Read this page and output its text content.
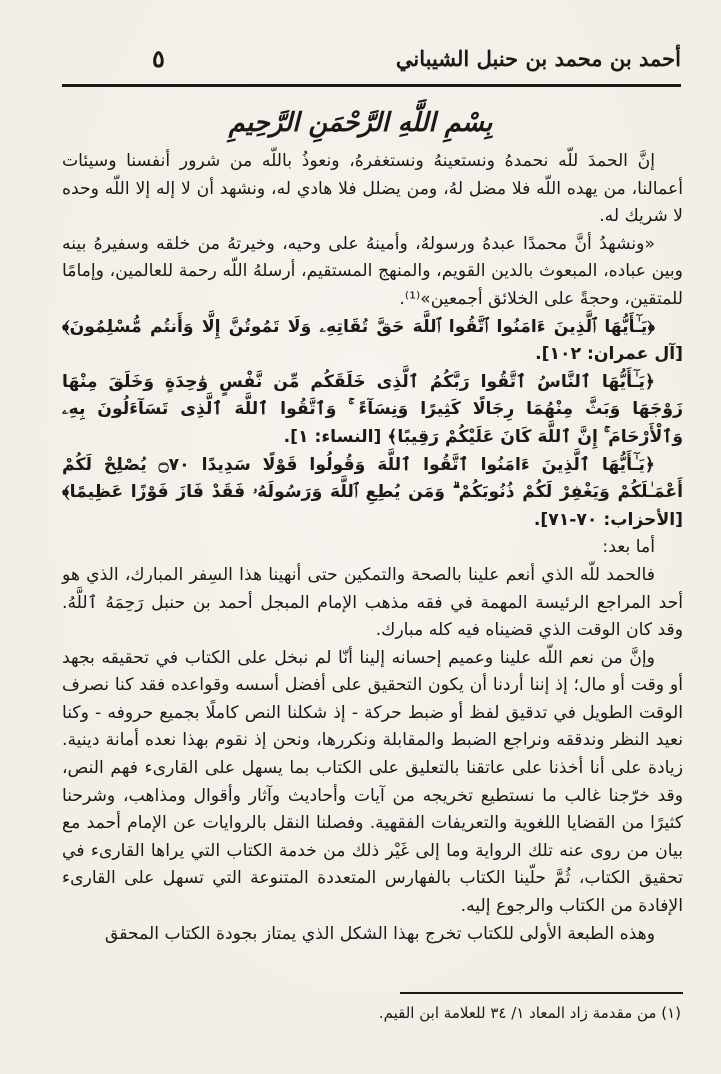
أحمد بن محمد بن حنبل الشيباني
٥
بِسْمِ اللَّهِ الرَّحْمَنِ الرَّحِيمِ

إنَّ الحمدَ للّه نحمدهُ ونستعينهُ ونستغفرهُ، ونعوذُ باللّه من شرور أنفسنا وسيئات أعمالنا، من يهده اللّه فلا مضل لهُ، ومن يضلل فلا هادي له، ونشهد أن لا إله إلا اللّه وحده لا شريك له.

«ونشهدُ أنَّ محمدًا عبدهُ ورسولهُ، وأمينهُ على وحيه، وخيرتهُ من خلقه وسفيرهُ بينه وبين عباده، المبعوث بالدين القويم، والمنهج المستقيم، أرسلهُ اللّه رحمة للعالمين، وإمامًا للمتقين، وحجةً على الخلائق أجمعين»⁽¹⁾.

﴿يَـٰٓأَيُّهَا ٱلَّذِينَ ءَامَنُوا ٱتَّقُوا ٱللَّهَ حَقَّ تُقَاتِهِۦ وَلَا تَمُوتُنَّ إِلَّا وَأَنتُم مُّسْلِمُونَ﴾ [آل عمران: ١٠٢].

﴿يَـٰٓأَيُّهَا ٱلنَّاسُ ٱتَّقُوا رَبَّكُمُ ٱلَّذِى خَلَقَكُم مِّن نَّفْسٍ وَٰحِدَةٍ وَخَلَقَ مِنْهَا زَوْجَهَا وَبَثَّ مِنْهُمَا رِجَالًا كَثِيرًا وَنِسَآءً ۚ وَٱتَّقُوا ٱللَّهَ ٱلَّذِى تَسَآءَلُونَ بِهِۦ وَٱلْأَرْحَامَ ۚ إِنَّ ٱللَّهَ كَانَ عَلَيْكُمْ رَقِيبًا﴾ [النساء: ١].

﴿يَـٰٓأَيُّهَا ٱلَّذِينَ ءَامَنُوا ٱتَّقُوا ٱللَّهَ وَقُولُوا قَوْلًا سَدِيدًا ۝٧٠ يُصْلِحْ لَكُمْ أَعْمَـٰلَكُمْ وَيَغْفِرْ لَكُمْ ذُنُوبَكُمْ ۗ وَمَن يُطِعِ ٱللَّهَ وَرَسُولَهُۥ فَقَدْ فَازَ فَوْزًا عَظِيمًا﴾ [الأحزاب: ٧٠-٧١].

أما بعد:

فالحمد للّه الذي أنعم علينا بالصحة والتمكين حتى أنهينا هذا السِفر المبارك، الذي هو أحد المراجع الرئيسة المهمة في فقه مذهب الإمام المبجل أحمد بن حنبل رَحِمَهُ ٱللَّهُ. وقد كان الوقت الذي قضيناه فيه كله مبارك.

وإنَّ من نعم اللّه علينا وعميم إحسانه إلينا أنّا لم نبخل على الكتاب في تحقيقه بجهد أو وقت أو مال؛ إذ إننا أردنا أن يكون التحقيق على أفضل أسسه وقواعده فقد كنا نصرف الوقت الطويل في تدقيق لفظ أو ضبط حركة - إذ شكلنا النص كاملًا بجميع حروفه - وكنا نعيد النظر وندققه ونراجع الضبط والمقابلة ونكررها، ونحن إذ نقوم بهذا نعده أمانة دينية. زيادة على أنا أخذنا على عاتقنا بالتعليق على الكتاب بما يسهل على القارىء فهم النص، وقد خرّجنا غالب ما نستطيع تخريجه من آيات وأحاديث وآثار وأقوال ومذاهب، وشرحنا كثيرًا من القضايا اللغوية والتعريفات الفقهية. وفصلنا النقل بالروايات عن الإمام أحمد مع بيان من روى عنه تلك الرواية وما إلى غَيْر ذلك من خدمة الكتاب التي يراها القارىء في تحقيق الكتاب، ثُمَّ حلّينا الكتاب بالفهارس المتعددة المتنوعة التي تسهل على القارىء الإفادة من الكتاب والرجوع إليه.

وهذه الطبعة الأولى للكتاب تخرج بهذا الشكل الذي يمتاز بجودة الكتاب المحقق

(١) من مقدمة زاد المعاد ١/ ٣٤ للعلامة ابن القيم.
